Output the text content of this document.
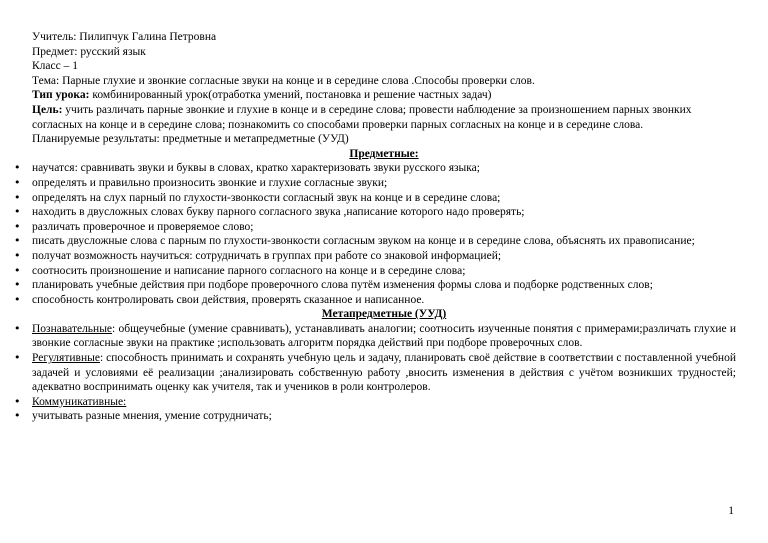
Учитель: Пилипчук Галина Петровна

Предмет: русский язык

Класс – 1

Тема: Парные глухие и звонкие согласные звуки на конце и в середине слова .Способы проверки слов.

Тип урока: комбинированный урок(отработка умений, постановка и решение частных задач)

Цель: учить различать парные звонкие и глухие в конце и в середине слова; провести наблюдение за произношением парных звонких согласных на конце и в середине слова; познакомить со способами проверки парных согласных на конце и в середине слова.

Планируемые результаты: предметные и метапредметные (УУД)

Предметные:

• научатся: сравнивать звуки и буквы в словах, кратко характеризовать звуки русского языка;
• определять и правильно произносить звонкие и глухие согласные звуки;
• определять на слух парный по глухости-звонкости согласный звук на конце и в середине слова;
• находить в двусложных словах букву парного согласного звука ,написание которого надо проверять;
• различать проверочное и проверяемое слово;
• писать двусложные слова с парным по глухости-звонкости согласным звуком на конце и в середине слова, объяснять их правописание;
• получат возможность научиться: сотрудничать в группах при работе со знаковой информацией;
• соотносить произношение и написание парного согласного на конце и в середине слова;
• планировать учебные действия при подборе проверочного слова путём изменения формы слова и подборке родственных слов;
• способность контролировать свои действия, проверять сказанное и написанное.

Метапредметные (УУД)

• Познавательные: общеучебные (умение сравнивать), устанавливать аналогии; соотносить изученные понятия с примерами;различать глухие и звонкие согласные звуки на практике ;использовать алгоритм порядка действий при подборе проверочных слов.
• Регулятивные: способность принимать и сохранять учебную цель и задачу, планировать своё действие в соответствии с поставленной учебной задачей и условиями её реализации ;анализировать собственную работу ,вносить изменения в действия с учётом возникших трудностей; адекватно воспринимать оценку как учителя, так и учеников в роли контролеров.
• Коммуникативные:
• учитывать разные мнения, умение сотрудничать;
1
